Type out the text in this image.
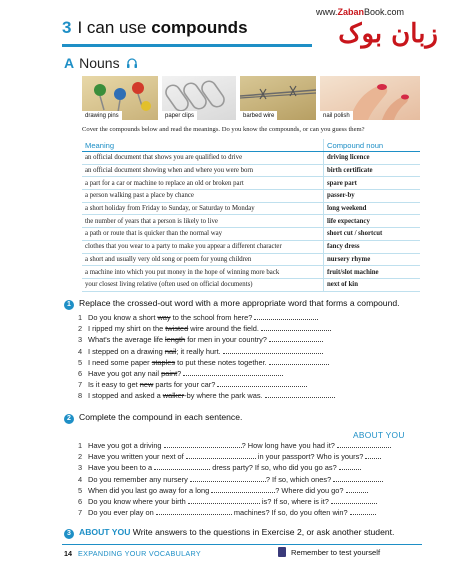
3 I can use compounds
www.ZabanBook.com
زبان بوک
A Nouns
drawing pins	paper clips	barbed wire	nail polish
Cover the compounds below and read the meanings. Do you know the compounds, or can you guess them?
Meaning	Compound noun
an official document that shows you are qualified to drive	driving licence
an official document showing when and where you were born	birth certificate
a part for a car or machine to replace an old or broken part	spare part
a person walking past a place by chance	passer-by
a short holiday from Friday to Sunday, or Saturday to Monday	long weekend
the number of years that a person is likely to live	life expectancy
a path or route that is quicker than the normal way	short cut / shortcut
clothes that you wear to a party to make you appear a different character	fancy dress
a short and usually very old song or poem for young children	nursery rhyme
a machine into which you put money in the hope of winning more back	fruit/slot machine
your closest living relative (often used on official documents)	next of kin
1 Replace the crossed-out word with a more appropriate word that forms a compound.
1 Do you know a short way to the school from here?
2 I ripped my shirt on the twisted wire around the field.
3 What's the average life length for men in your country?
4 I stepped on a drawing nail; it really hurt.
5 I need some paper staples to put these notes together.
6 Have you got any nail paint?
7 Is it easy to get new parts for your car?
8 I stopped and asked a walker-by where the park was.
2 Complete the compound in each sentence.
ABOUT YOU
1 Have you got a driving	? How long have you had it?
2 Have you written your next of	in your passport? Who is yours?
3 Have you been to a	dress party? If so, who did you go as?
4 Do you remember any nursery	? If so, which ones?
5 When did you last go away for a long	? Where did you go?
6 Do you know where your birth	is? If so, where is it?
7 Do you ever play on	machines? If so, do you often win?
3 ABOUT YOU Write answers to the questions in Exercise 2, or ask another student.
14 EXPANDING YOUR VOCABULARY	Remember to test yourself
